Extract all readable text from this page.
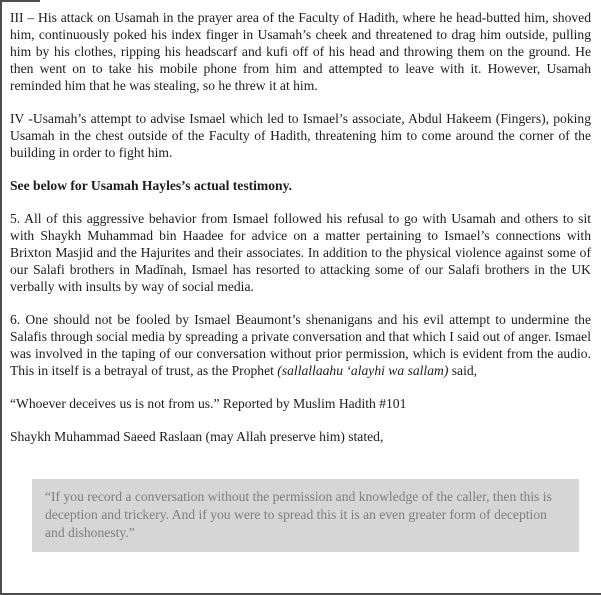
III – His attack on Usamah in the prayer area of the Faculty of Hadith, where he head-butted him, shoved him, continuously poked his index finger in Usamah’s cheek and threatened to drag him outside, pulling him by his clothes, ripping his headscarf and kufi off of his head and throwing them on the ground. He then went on to take his mobile phone from him and attempted to leave with it. However, Usamah reminded him that he was stealing, so he threw it at him.

IV -Usamah’s attempt to advise Ismael which led to Ismael’s associate, Abdul Hakeem (Fingers), poking Usamah in the chest outside of the Faculty of Hadith, threatening him to come around the corner of the building in order to fight him.

See below for Usamah Hayles’s actual testimony.

5. All of this aggressive behavior from Ismael followed his refusal to go with Usamah and others to sit with Shaykh Muhammad bin Haadee for advice on a matter pertaining to Ismael’s connections with Brixton Masjid and the Hajurites and their associates. In addition to the physical violence against some of our Salafi brothers in Madīnah, Ismael has resorted to attacking some of our Salafi brothers in the UK verbally with insults by way of social media.

6. One should not be fooled by Ismael Beaumont’s shenanigans and his evil attempt to undermine the Salafis through social media by spreading a private conversation and that which I said out of anger. Ismael was involved in the taping of our conversation without prior permission, which is evident from the audio. This in itself is a betrayal of trust, as the Prophet (sallallaahu ‘alayhi wa sallam) said,

“Whoever deceives us is not from us.” Reported by Muslim Hadith #101

Shaykh Muhammad Saeed Raslaan (may Allah preserve him) stated,

“If you record a conversation without the permission and knowledge of the caller, then this is deception and trickery. And if you were to spread this it is an even greater form of deception and dishonesty.”
